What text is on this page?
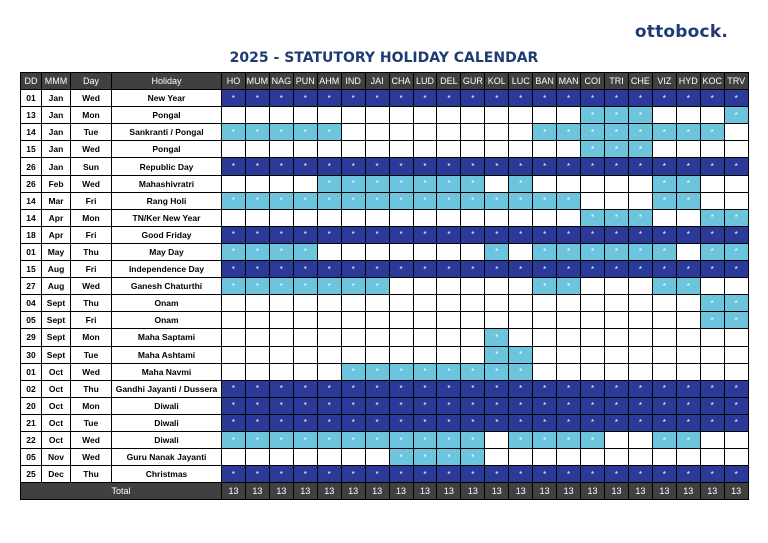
ottobock.
2025 - STATUTORY HOLIDAY CALENDAR
DD	MMM	Day	Holiday	HO	MUM	NAG	PUN	AHM	IND	JAI	CHA	LUD	DEL	GUR	KOL	LUC	BAN	MAN	COI	TRI	CHE	VIZ	HYD	KOC	TRV
01	Jan	Wed	New Year	*	*	*	*	*	*	*	*	*	*	*	*	*	*	*	*	*	*	*	*	*	*
13	Jan	Mon	Pongal																*	*	*				*
14	Jan	Tue	Sankranti / Pongal	*	*	*	*	*									*	*	*	*	*	*	*	*	
15	Jan	Wed	Pongal																*	*	*				
26	Jan	Sun	Republic Day	*	*	*	*	*	*	*	*	*	*	*	*	*	*	*	*	*	*	*	*	*	*
26	Feb	Wed	Mahashivratri					*	*	*	*	*	*	*		*						*	*		
14	Mar	Fri	Rang Holi	*	*	*	*	*	*	*	*	*	*	*	*	*	*	*				*	*		
14	Apr	Mon	TN/Ker New Year																*	*	*			*	*
18	Apr	Fri	Good Friday	*	*	*	*	*	*	*	*	*	*	*	*	*	*	*	*	*	*	*	*	*	*
01	May	Thu	May Day	*	*	*	*								*		*	*	*	*	*	*		*	*
15	Aug	Fri	Independence Day	*	*	*	*	*	*	*	*	*	*	*	*	*	*	*	*	*	*	*	*	*	*
27	Aug	Wed	Ganesh Chaturthi	*	*	*	*	*	*	*							*	*				*	*		
04	Sept	Thu	Onam																					*	*
05	Sept	Fri	Onam																					*	*
29	Sept	Mon	Maha Saptami												*										
30	Sept	Tue	Maha Ashtami												*	*									
01	Oct	Wed	Maha Navmi						*	*	*	*	*	*	*	*									
02	Oct	Thu	Gandhi Jayanti / Dussera	*	*	*	*	*	*	*	*	*	*	*	*	*	*	*	*	*	*	*	*	*	*
20	Oct	Mon	Diwali	*	*	*	*	*	*	*	*	*	*	*	*	*	*	*	*	*	*	*	*	*	*
21	Oct	Tue	Diwali	*	*	*	*	*	*	*	*	*	*	*	*	*	*	*	*	*	*	*	*	*	*
22	Oct	Wed	Diwali	*	*	*	*	*	*	*	*	*	*	*		*	*	*	*			*	*		
05	Nov	Wed	Guru Nanak Jayanti								*	*	*	*											
25	Dec	Thu	Christmas	*	*	*	*	*	*	*	*	*	*	*	*	*	*	*	*	*	*	*	*	*	*
Total				13	13	13	13	13	13	13	13	13	13	13	13	13	13	13	13	13	13	13	13	13	13
